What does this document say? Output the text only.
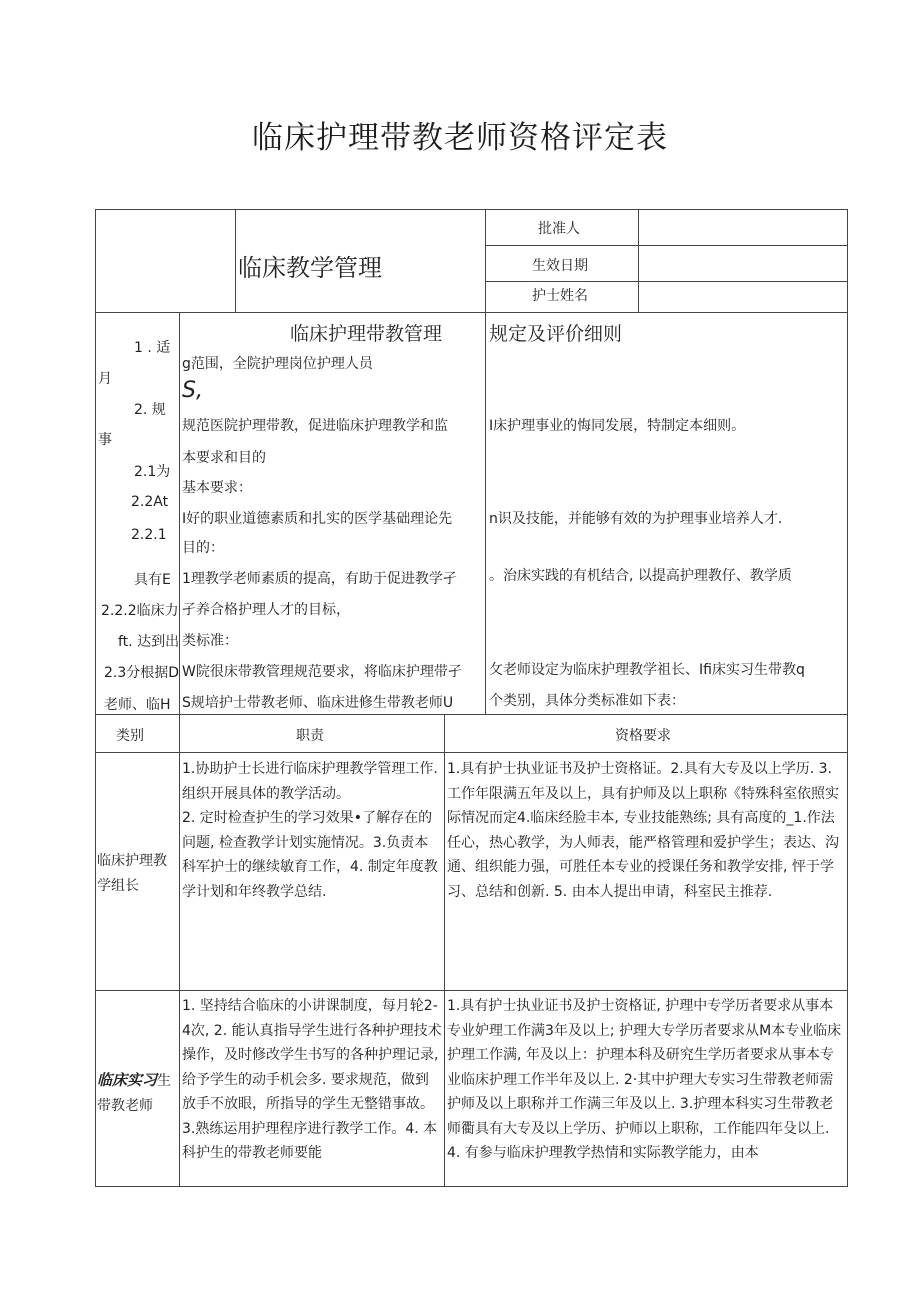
临床护理带教老师资格评定表
临床教学管理
批准人
生效日期
护士姓名
临床护理带教管理 规定及评价细则
1 . 适
月
2. 规
事
2.1为
2.2At
2.2.1
具有E
2.2.2临床力
ft. 达到出
2.3分根据D
老师、临H
g范围，全院护理岗位护理人员
S,
规范医院护理带教，促进临床护理教学和监
本要求和目的
基本要求：
I好的职业道德素质和扎实的医学基础理论先
目的：
1理教学老师素质的提高，有助于促进教学孑
孑养合格护理人才的目标，
类标准：
W院很床带教管理规范要求，将临床护理带孑
S规培护士带教老师、临床进修生带教老师U
I床护理事业的悔同发展，特制定本细则。
n识及技能，并能够有效的为护理事业培养人才.
。治床实践的有机结合, 以提高护理教仔、教学质
攵老师设定为临床护理教学祖长、Ifi床实习生带教q
个类别，具体分类标准如下表：
类别	职责	资格要求
临床护理教学组长
1.协助护士长进行临床护理教学管理工作. 组织开展具体的教学活动。
2. 定时检查护生的学习效果•了解存在的问题, 检查教学计划实施情况。3.负责本科军护士的继续敏育工作，4. 制定年度教学计划和年终教学总结.
1.具有护士执业证书及护士资格证。2.具有大专及以上学历. 3. 工作年限满五年及以上，具有护师及以上职称《特殊科室依照实际情况而定4.临床经脸丰本, 专业技能熟练; 具有高度的_1.作法任心，热心教学，为人师表，能严格管理和爱护学生；表达、沟通、组织能力强，可胜任本专业的授课任务和教学安排, 怦于学习、总结和创新. 5. 由本人提出申请，科室民主推荐.
临床实习生带教老师
1. 坚持结合临床的小讲课制度，每月轮2-4次, 2. 能认真指导学生进行各种护理技术操作，及时修改学生书写的各种护理记录, 给予学生的动手机会多. 要求规范，做到放手不放眼，所指导的学生无整错事故。3.熟练运用护理程序进行教学工作。4. 本科护生的带教老师要能
1.具有护士执业证书及护士资格证, 护理中专学历者要求从事本专业妒理工作满3年及以上; 护理大专学历者要求从M本专业临床护理工作满, 年及以上：护理本科及研究生学历者要求从事本专业临床护理工作半年及以上. 2·其中护理大专实习生带教老师需护师及以上职称并工作满三年及以上. 3.护理本科实习生带教老师衢具有大专及以上学历、护师以上职称，工作能四年殳以上. 4. 有参与临床护理教学热情和实际教学能力，由本
